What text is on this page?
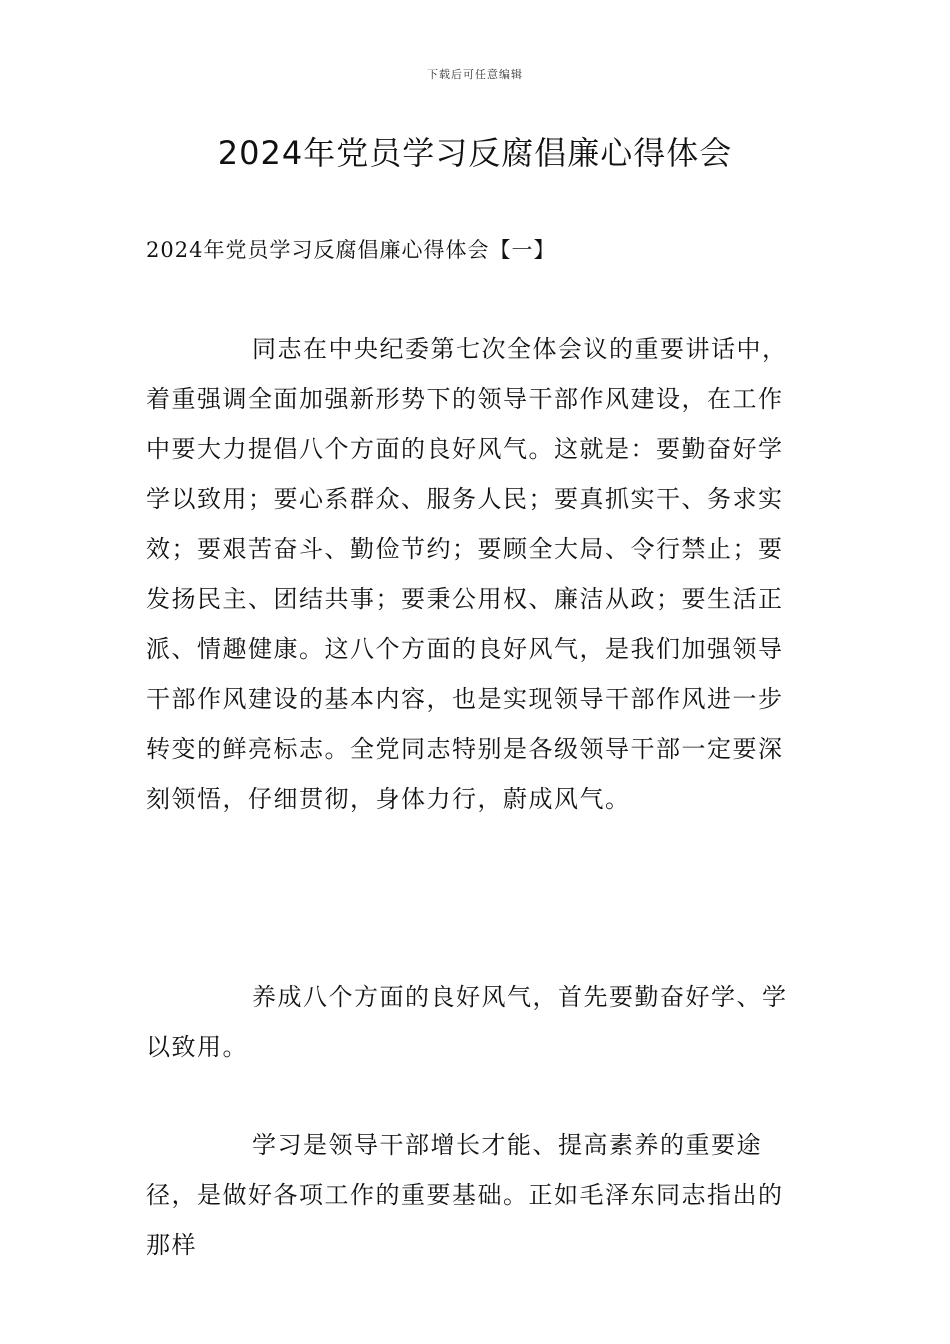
下载后可任意编辑
2024年党员学习反腐倡廉心得体会
2024年党员学习反腐倡廉心得体会【一】

同志在中央纪委第七次全体会议的重要讲话中，着重强调全面加强新形势下的领导干部作风建设，在工作中要大力提倡八个方面的良好风气。这就是：要勤奋好学学以致用；要心系群众、服务人民；要真抓实干、务求实效；要艰苦奋斗、勤俭节约；要顾全大局、令行禁止；要发扬民主、团结共事；要秉公用权、廉洁从政；要生活正派、情趣健康。这八个方面的良好风气，是我们加强领导干部作风建设的基本内容，也是实现领导干部作风进一步转变的鲜亮标志。全党同志特别是各级领导干部一定要深刻领悟，仔细贯彻，身体力行，蔚成风气。

养成八个方面的良好风气，首先要勤奋好学、学以致用。

学习是领导干部增长才能、提高素养的重要途径，是做好各项工作的重要基础。正如毛泽东同志指出的那样
